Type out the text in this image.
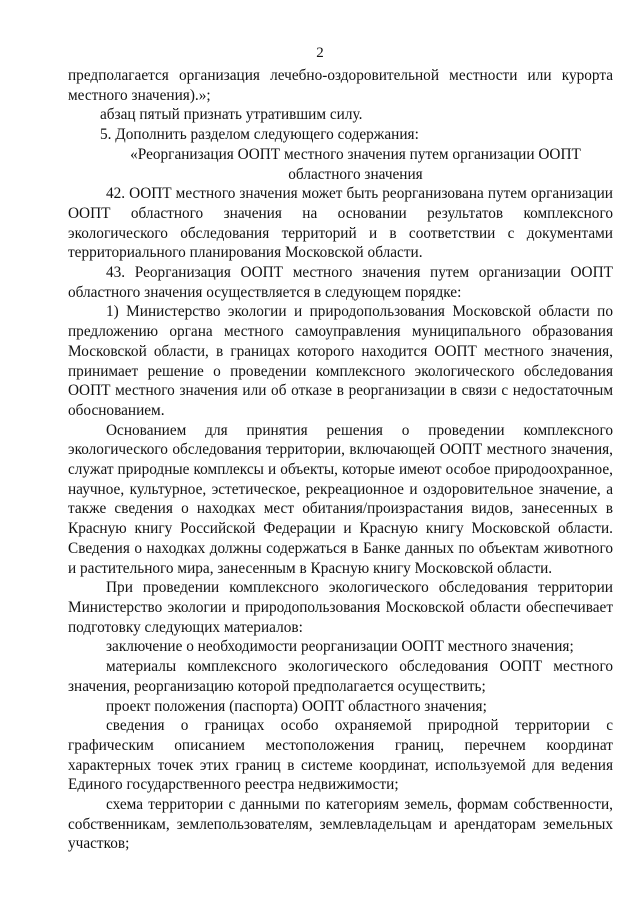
2

предполагается организация лечебно-оздоровительной местности или курорта местного значения).»;

абзац пятый признать утратившим силу.

5. Дополнить разделом следующего содержания:

«Реорганизация ООПТ местного значения путем организации ООПТ областного значения

42. ООПТ местного значения может быть реорганизована путем организации ООПТ областного значения на основании результатов комплексного экологического обследования территорий и в соответствии с документами территориального планирования Московской области.

43. Реорганизация ООПТ местного значения путем организации ООПТ областного значения осуществляется в следующем порядке:

1) Министерство экологии и природопользования Московской области по предложению органа местного самоуправления муниципального образования Московской области, в границах которого находится ООПТ местного значения, принимает решение о проведении комплексного экологического обследования ООПТ местного значения или об отказе в реорганизации в связи с недостаточным обоснованием.

Основанием для принятия решения о проведении комплексного экологического обследования территории, включающей ООПТ местного значения, служат природные комплексы и объекты, которые имеют особое природоохранное, научное, культурное, эстетическое, рекреационное и оздоровительное значение, а также сведения о находках мест обитания/произрастания видов, занесенных в Красную книгу Российской Федерации и Красную книгу Московской области. Сведения о находках должны содержаться в Банке данных по объектам животного и растительного мира, занесенным в Красную книгу Московской области.

При проведении комплексного экологического обследования территории Министерство экологии и природопользования Московской области обеспечивает подготовку следующих материалов:

заключение о необходимости реорганизации ООПТ местного значения;

материалы комплексного экологического обследования ООПТ местного значения, реорганизацию которой предполагается осуществить;

проект положения (паспорта) ООПТ областного значения;

сведения о границах особо охраняемой природной территории с графическим описанием местоположения границ, перечнем координат характерных точек этих границ в системе координат, используемой для ведения Единого государственного реестра недвижимости;

схема территории с данными по категориям земель, формам собственности, собственникам, землепользователям, землевладельцам и арендаторам земельных участков;
